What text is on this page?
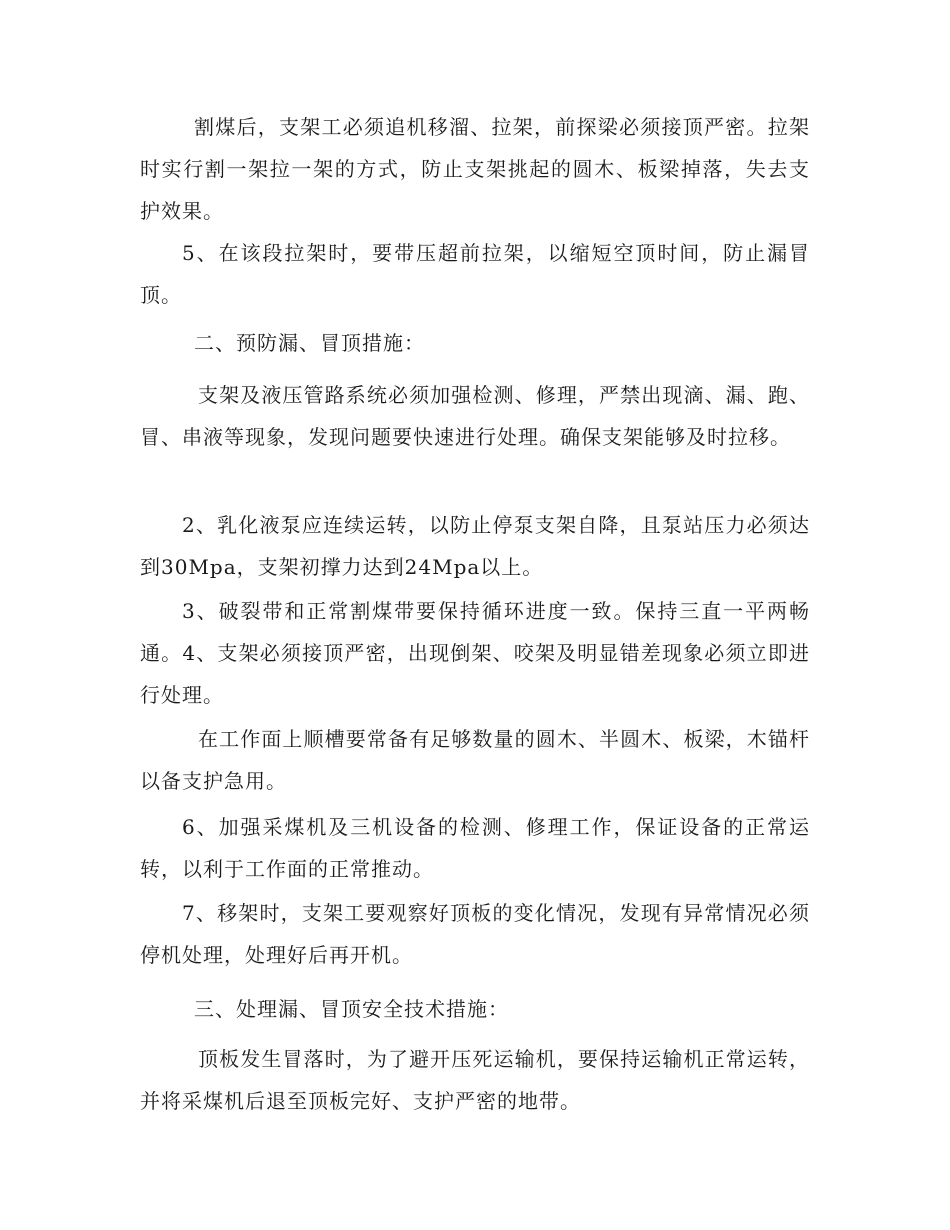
割煤后，支架工必须追机移溜、拉架，前探梁必须接顶严密。拉架时实行割一架拉一架的方式，防止支架挑起的圆木、板梁掉落，失去支护效果。

5、在该段拉架时，要带压超前拉架，以缩短空顶时间，防止漏冒顶。

二、预防漏、冒顶措施：

支架及液压管路系统必须加强检测、修理，严禁出现滴、漏、跑、冒、串液等现象，发现问题要快速进行处理。确保支架能够及时拉移。

2、乳化液泵应连续运转，以防止停泵支架自降，且泵站压力必须达到30Mpa，支架初撑力达到24Mpa以上。

3、破裂带和正常割煤带要保持循环进度一致。保持三直一平两畅通。4、支架必须接顶严密，出现倒架、咬架及明显错差现象必须立即进行处理。

在工作面上顺槽要常备有足够数量的圆木、半圆木、板梁，木锚杆以备支护急用。

6、加强采煤机及三机设备的检测、修理工作，保证设备的正常运转，以利于工作面的正常推动。

7、移架时，支架工要观察好顶板的变化情况，发现有异常情况必须停机处理，处理好后再开机。

三、处理漏、冒顶安全技术措施：

顶板发生冒落时，为了避开压死运输机，要保持运输机正常运转，并将采煤机后退至顶板完好、支护严密的地带。
